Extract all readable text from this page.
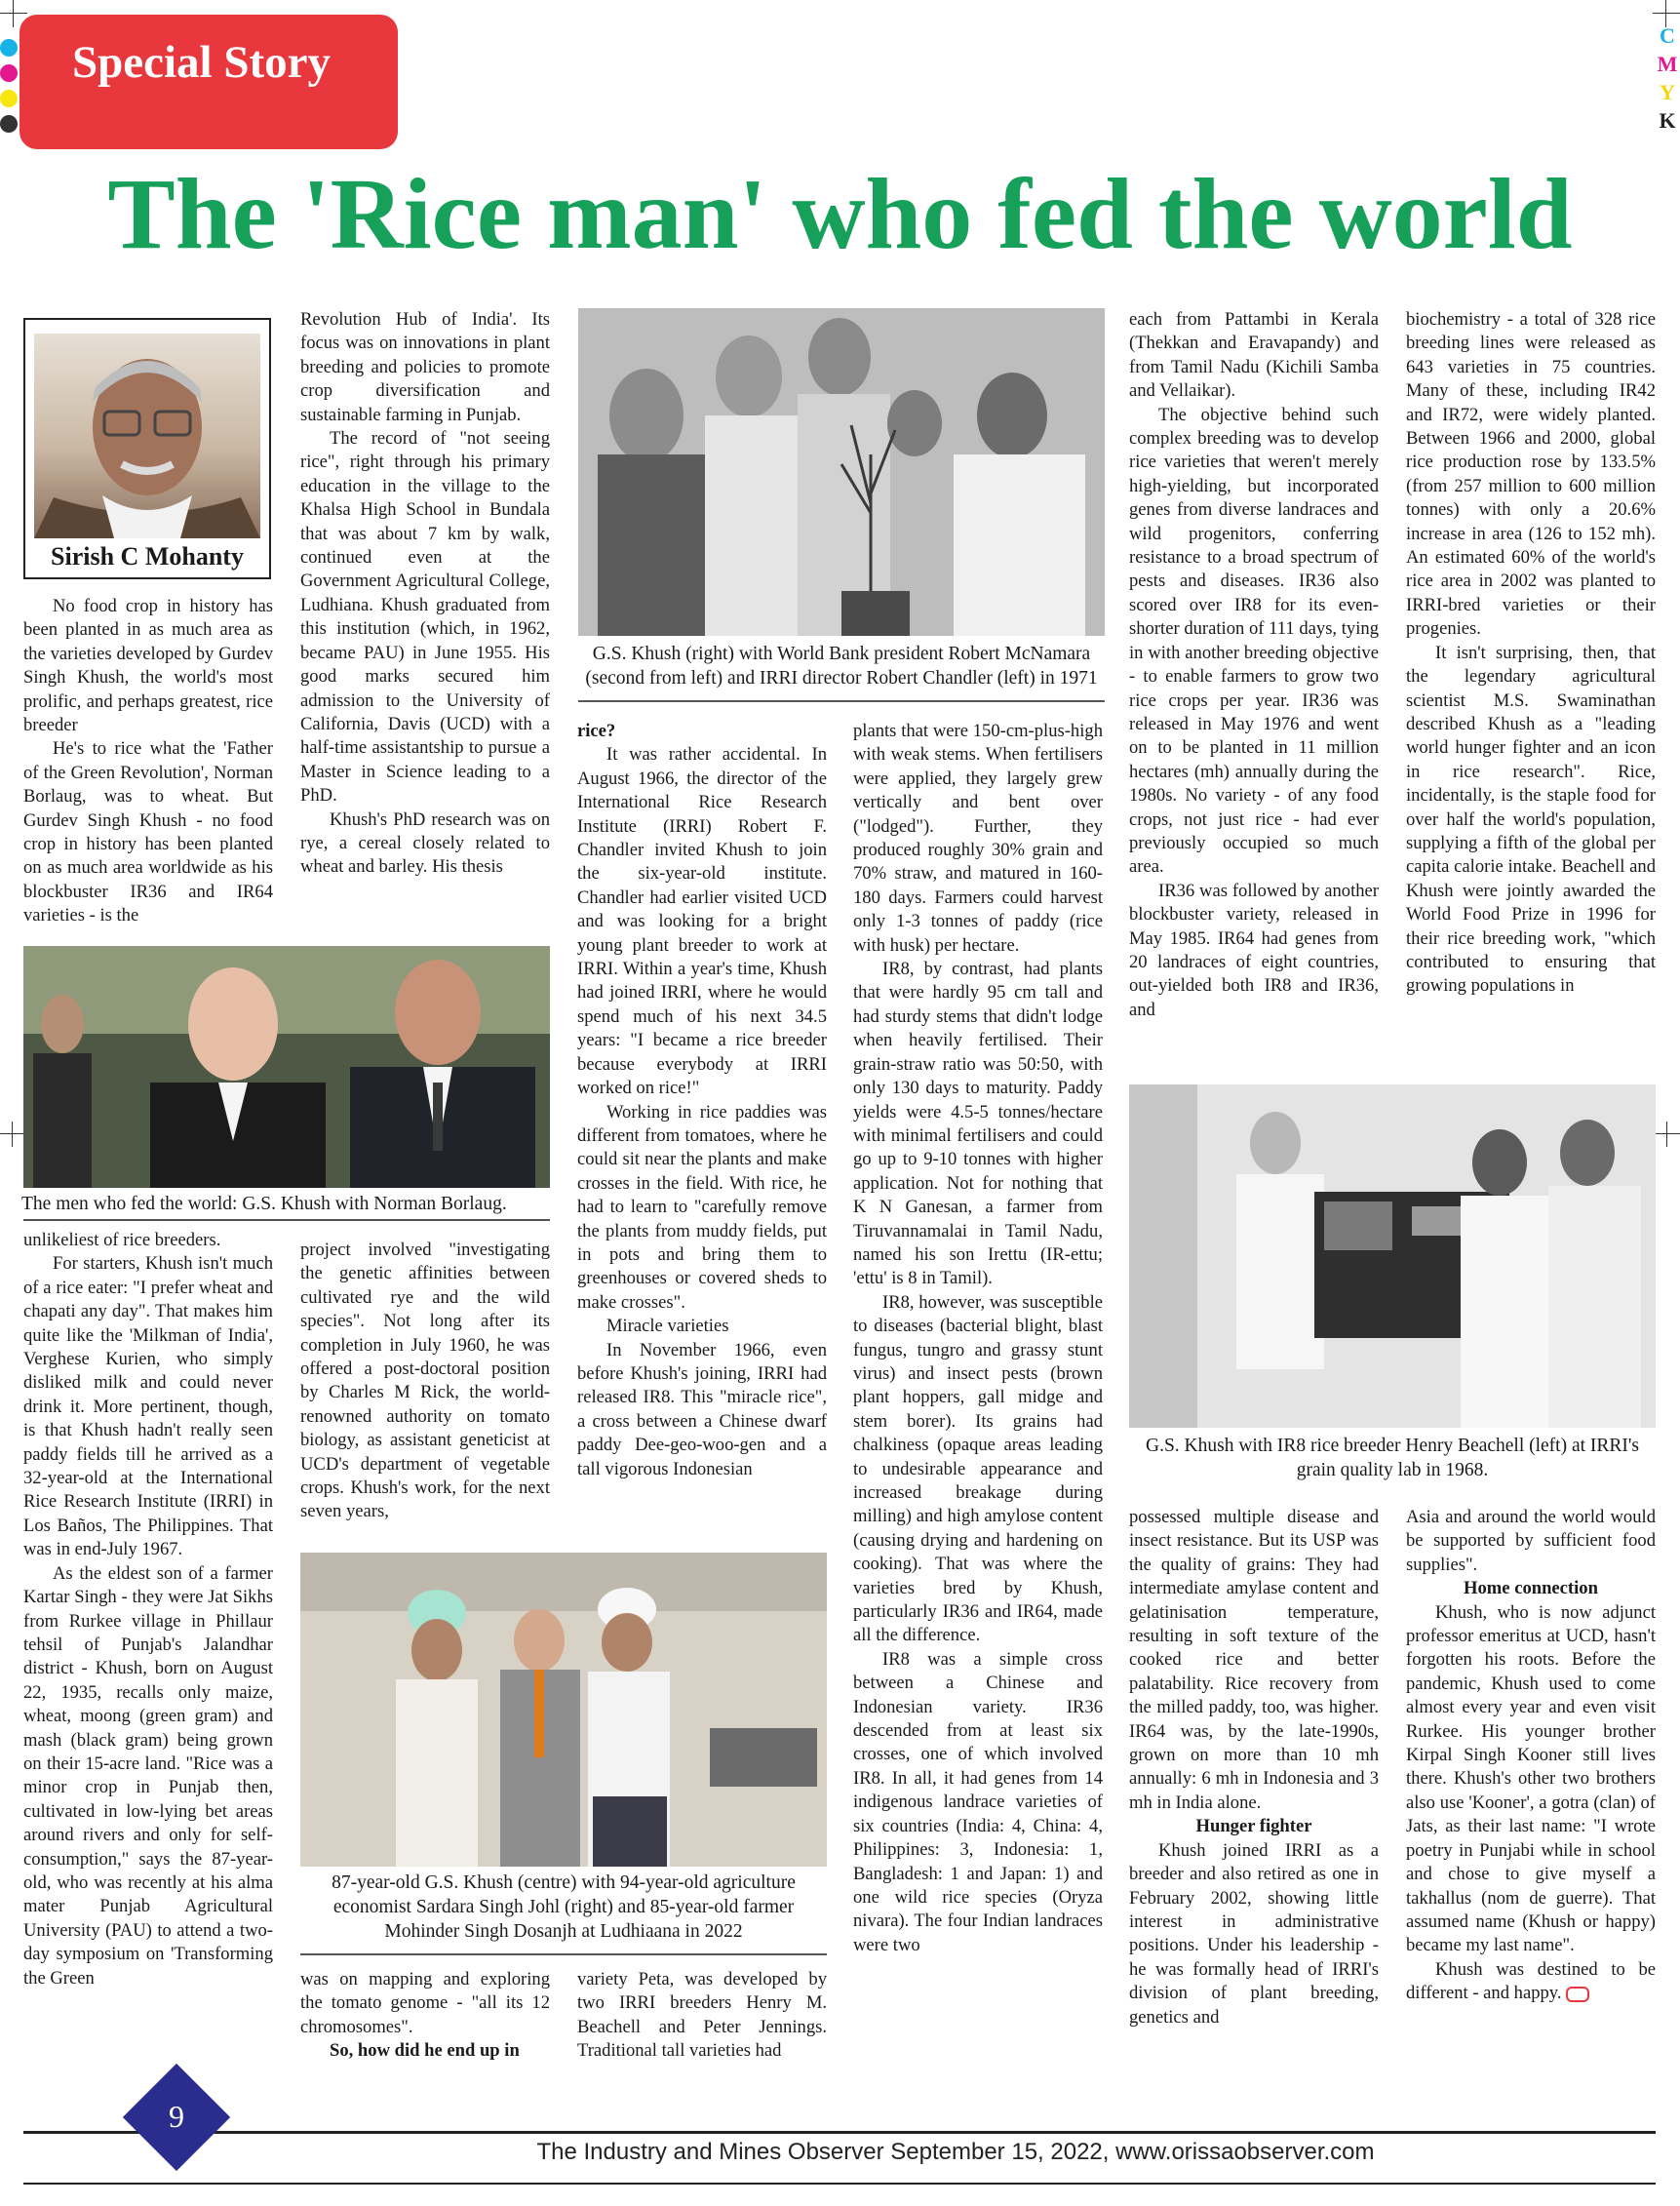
C
M
Y
K
Special Story
The 'Rice man' who fed the world
Sirish C Mohanty

No food crop in history has been planted in as much area as the varieties developed by Gurdev Singh Khush, the world's most prolific, and perhaps greatest, rice breeder

He's to rice what the 'Father of the Green Revolution', Norman Borlaug, was to wheat. But Gurdev Singh Khush - no food crop in history has been planted on as much area worldwide as his blockbuster IR36 and IR64 varieties - is the

Revolution Hub of India'. Its focus was on innovations in plant breeding and policies to promote crop diversification and sustainable farming in Punjab.

The record of "not seeing rice", right through his primary education in the village to the Khalsa High School in Bundala that was about 7 km by walk, continued even at the Government Agricultural College, Ludhiana. Khush graduated from this institution (which, in 1962, became PAU) in June 1955. His good marks secured him admission to the University of California, Davis (UCD) with a half-time assistantship to pursue a Master in Science leading to a PhD.

Khush's PhD research was on rye, a cereal closely related to wheat and barley. His thesis

G.S. Khush (right) with World Bank president Robert McNamara (second from left) and IRRI director Robert Chandler (left) in 1971
The men who fed the world: G.S. Khush with Norman Borlaug.

unlikeliest of rice breeders.

For starters, Khush isn't much of a rice eater: "I prefer wheat and chapati any day". That makes him quite like the 'Milkman of India', Verghese Kurien, who simply disliked milk and could never drink it. More pertinent, though, is that Khush hadn't really seen paddy fields till he arrived as a 32-year-old at the International Rice Research Institute (IRRI) in Los Baños, The Philippines. That was in end-July 1967.

As the eldest son of a farmer Kartar Singh - they were Jat Sikhs from Rurkee village in Phillaur tehsil of Punjab's Jalandhar district - Khush, born on August 22, 1935, recalls only maize, wheat, moong (green gram) and mash (black gram) being grown on their 15-acre land. "Rice was a minor crop in Punjab then, cultivated in low-lying bet areas around rivers and only for self-consumption," says the 87-year-old, who was recently at his alma mater Punjab Agricultural University (PAU) to attend a two-day symposium on 'Transforming the Green

project involved "investigating the genetic affinities between cultivated rye and the wild species". Not long after its completion in July 1960, he was offered a post-doctoral position by Charles M Rick, the world-renowned authority on tomato biology, as assistant geneticist at UCD's department of vegetable crops. Khush's work, for the next seven years,

87-year-old G.S. Khush (centre) with 94-year-old agriculture economist Sardara Singh Johl (right) and 85-year-old farmer Mohinder Singh Dosanjh at Ludhiaana in 2022

was on mapping and exploring the tomato genome - "all its 12 chromosomes".

So, how did he end up in

rice?

It was rather accidental. In August 1966, the director of the International Rice Research Institute (IRRI) Robert F. Chandler invited Khush to join the six-year-old institute. Chandler had earlier visited UCD and was looking for a bright young plant breeder to work at IRRI. Within a year's time, Khush had joined IRRI, where he would spend much of his next 34.5 years: "I became a rice breeder because everybody at IRRI worked on rice!"

Working in rice paddies was different from tomatoes, where he could sit near the plants and make crosses in the field. With rice, he had to learn to "carefully remove the plants from muddy fields, put in pots and bring them to greenhouses or covered sheds to make crosses".

Miracle varieties

In November 1966, even before Khush's joining, IRRI had released IR8. This "miracle rice", a cross between a Chinese dwarf paddy Dee-geo-woo-gen and a tall vigorous Indonesian

variety Peta, was developed by two IRRI breeders Henry M. Beachell and Peter Jennings. Traditional tall varieties had

plants that were 150-cm-plus-high with weak stems. When fertilisers were applied, they largely grew vertically and bent over ("lodged"). Further, they produced roughly 30% grain and 70% straw, and matured in 160-180 days. Farmers could harvest only 1-3 tonnes of paddy (rice with husk) per hectare.

IR8, by contrast, had plants that were hardly 95 cm tall and had sturdy stems that didn't lodge when heavily fertilised. Their grain-straw ratio was 50:50, with only 130 days to maturity. Paddy yields were 4.5-5 tonnes/hectare with minimal fertilisers and could go up to 9-10 tonnes with higher application. Not for nothing that K N Ganesan, a farmer from Tiruvannamalai in Tamil Nadu, named his son Irettu (IR-ettu; 'ettu' is 8 in Tamil).

IR8, however, was susceptible to diseases (bacterial blight, blast fungus, tungro and grassy stunt virus) and insect pests (brown plant hoppers, gall midge and stem borer). Its grains had chalkiness (opaque areas leading to undesirable appearance and increased breakage during milling) and high amylose content (causing drying and hardening on cooking). That was where the varieties bred by Khush, particularly IR36 and IR64, made all the difference.

IR8 was a simple cross between a Chinese and Indonesian variety. IR36 descended from at least six crosses, one of which involved IR8. In all, it had genes from 14 indigenous landrace varieties of six countries (India: 4, China: 4, Philippines: 3, Indonesia: 1, Bangladesh: 1 and Japan: 1) and one wild rice species (Oryza nivara). The four Indian landraces were two

each from Pattambi in Kerala (Thekkan and Eravapandy) and from Tamil Nadu (Kichili Samba and Vellaikar).

The objective behind such complex breeding was to develop rice varieties that weren't merely high-yielding, but incorporated genes from diverse landraces and wild progenitors, conferring resistance to a broad spectrum of pests and diseases. IR36 also scored over IR8 for its even-shorter duration of 111 days, tying in with another breeding objective - to enable farmers to grow two rice crops per year. IR36 was released in May 1976 and went on to be planted in 11 million hectares (mh) annually during the 1980s. No variety - of any food crops, not just rice - had ever previously occupied so much area.

IR36 was followed by another blockbuster variety, released in May 1985. IR64 had genes from 20 landraces of eight countries, out-yielded both IR8 and IR36, and

biochemistry - a total of 328 rice breeding lines were released as 643 varieties in 75 countries. Many of these, including IR42 and IR72, were widely planted. Between 1966 and 2000, global rice production rose by 133.5% (from 257 million to 600 million tonnes) with only a 20.6% increase in area (126 to 152 mh). An estimated 60% of the world's rice area in 2002 was planted to IRRI-bred varieties or their progenies.

It isn't surprising, then, that the legendary agricultural scientist M.S. Swaminathan described Khush as a "leading world hunger fighter and an icon in rice research". Rice, incidentally, is the staple food for over half the world's population, supplying a fifth of the global per capita calorie intake. Beachell and Khush were jointly awarded the World Food Prize in 1996 for their rice breeding work, "which contributed to ensuring that growing populations in

G.S. Khush with IR8 rice breeder Henry Beachell (left) at IRRI's grain quality lab in 1968.

possessed multiple disease and insect resistance. But its USP was the quality of grains: They had intermediate amylase content and gelatinisation temperature, resulting in soft texture of the cooked rice and better palatability. Rice recovery from the milled paddy, too, was higher. IR64 was, by the late-1990s, grown on more than 10 mh annually: 6 mh in Indonesia and 3 mh in India alone.

Hunger fighter

Khush joined IRRI as a breeder and also retired as one in February 2002, showing little interest in administrative positions. Under his leadership - he was formally head of IRRI's division of plant breeding, genetics and

Asia and around the world would be supported by sufficient food supplies".

Home connection

Khush, who is now adjunct professor emeritus at UCD, hasn't forgotten his roots. Before the pandemic, Khush used to come almost every year and even visit Rurkee. His younger brother Kirpal Singh Kooner still lives there. Khush's other two brothers also use 'Kooner', a gotra (clan) of Jats, as their last name: "I wrote poetry in Punjabi while in school and chose to give myself a takhallus (nom de guerre). That assumed name (Khush or happy) became my last name".

Khush was destined to be different - and happy.

9
The Industry and Mines Observer September 15, 2022, www.orissaobserver.com
